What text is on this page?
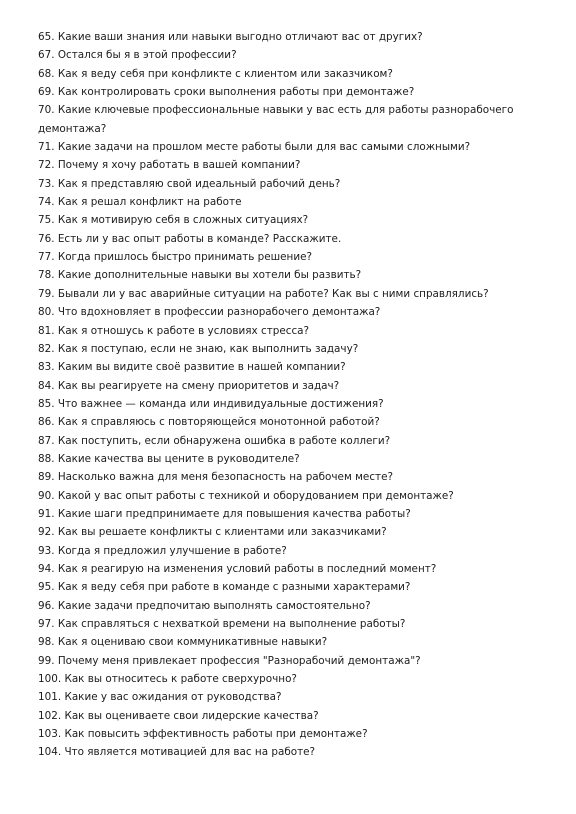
65. Какие ваши знания или навыки выгодно отличают вас от других?
67. Остался бы я в этой профессии?
68. Как я веду себя при конфликте с клиентом или заказчиком?
69. Как контролировать сроки выполнения работы при демонтаже?
70. Какие ключевые профессиональные навыки у вас есть для работы разнорабочего демонтажа?
71. Какие задачи на прошлом месте работы были для вас самыми сложными?
72. Почему я хочу работать в вашей компании?
73. Как я представляю свой идеальный рабочий день?
74. Как я решал конфликт на работе
75. Как я мотивирую себя в сложных ситуациях?
76. Есть ли у вас опыт работы в команде? Расскажите.
77. Когда пришлось быстро принимать решение?
78. Какие дополнительные навыки вы хотели бы развить?
79. Бывали ли у вас аварийные ситуации на работе? Как вы с ними справлялись?
80. Что вдохновляет в профессии разнорабочего демонтажа?
81. Как я отношусь к работе в условиях стресса?
82. Как я поступаю, если не знаю, как выполнить задачу?
83. Каким вы видите своё развитие в нашей компании?
84. Как вы реагируете на смену приоритетов и задач?
85. Что важнее — команда или индивидуальные достижения?
86. Как я справляюсь с повторяющейся монотонной работой?
87. Как поступить, если обнаружена ошибка в работе коллеги?
88. Какие качества вы цените в руководителе?
89. Насколько важна для меня безопасность на рабочем месте?
90. Какой у вас опыт работы с техникой и оборудованием при демонтаже?
91. Какие шаги предпринимаете для повышения качества работы?
92. Как вы решаете конфликты с клиентами или заказчиками?
93. Когда я предложил улучшение в работе?
94. Как я реагирую на изменения условий работы в последний момент?
95. Как я веду себя при работе в команде с разными характерами?
96. Какие задачи предпочитаю выполнять самостоятельно?
97. Как справляться с нехваткой времени на выполнение работы?
98. Как я оцениваю свои коммуникативные навыки?
99. Почему меня привлекает профессия "Разнорабочий демонтажа"?
100. Как вы относитесь к работе сверхурочно?
101. Какие у вас ожидания от руководства?
102. Как вы оцениваете свои лидерские качества?
103. Как повысить эффективность работы при демонтаже?
104. Что является мотивацией для вас на работе?
